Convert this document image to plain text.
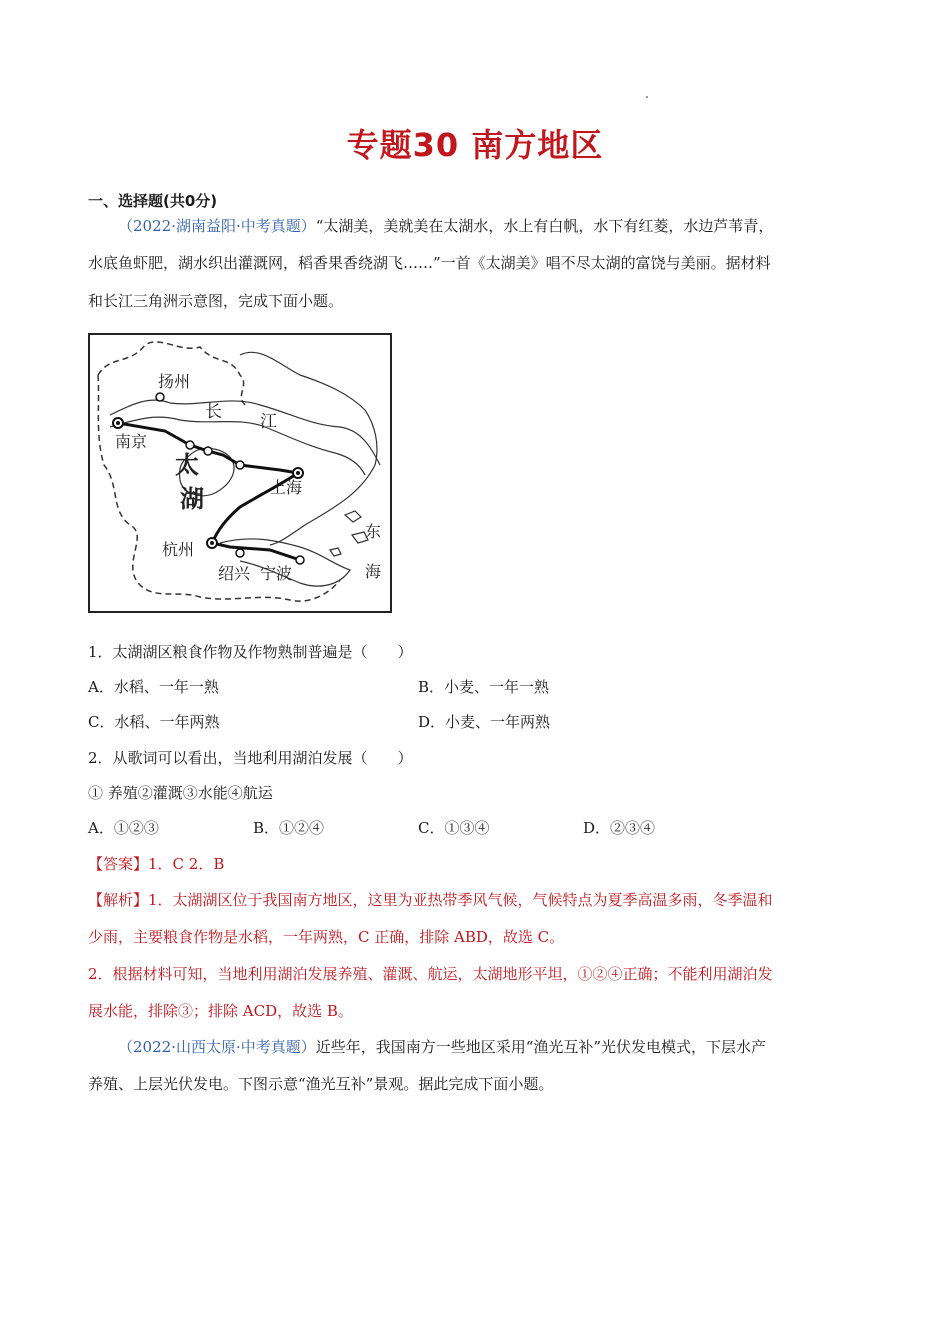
专题30 南方地区
一、选择题(共0分)
（2022·湖南益阳·中考真题）“太湖美，美就美在太湖水，水上有白帆，水下有红菱，水边芦苇青，
水底鱼虾肥，湖水织出灌溉网，稻香果香绕湖飞……”一首《太湖美》唱不尽太湖的富饶与美丽。据材料
和长江三角洲示意图，完成下面小题。
扬州
长 江
南京
太
湖	上海
杭州
绍兴 宁波
东
海
1．太湖湖区粮食作物及作物熟制普遍是（　　）
A．水稻、一年一熟	B．小麦、一年一熟
C．水稻、一年两熟	D．小麦、一年两熟
2．从歌词可以看出，当地利用湖泊发展（　　）
① 养殖②灌溉③水能④航运
A．①②③	B．①②④	C．①③④	D．②③④
【答案】1．C 2．B
【解析】1．太湖湖区位于我国南方地区，这里为亚热带季风气候，气候特点为夏季高温多雨，冬季温和
少雨，主要粮食作物是水稻，一年两熟，C 正确，排除 ABD，故选 C。
2．根据材料可知，当地利用湖泊发展养殖、灌溉、航运，太湖地形平坦，①②④正确；不能利用湖泊发
展水能，排除③；排除 ACD，故选 B。
（2022·山西太原·中考真题）近些年，我国南方一些地区采用“渔光互补”光伏发电模式，下层水产
养殖、上层光伏发电。下图示意“渔光互补”景观。据此完成下面小题。
